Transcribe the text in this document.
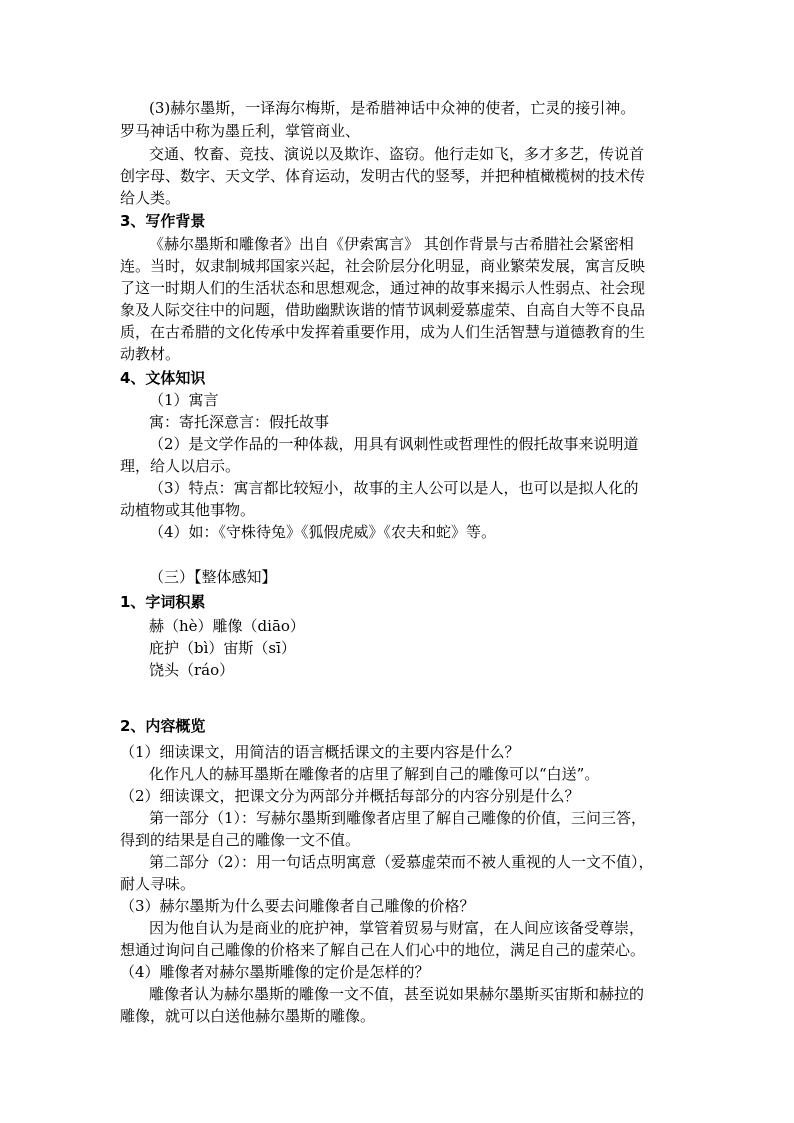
(3)赫尔墨斯，一译海尔梅斯，是希腊神话中众神的使者，亡灵的接引神。
罗马神话中称为墨丘利，掌管商业、
交通、牧畜、竞技、演说以及欺诈、盗窃。他行走如飞，多才多艺，传说首
创字母、数字、天文学、体育运动，发明古代的竖琴，并把种植橄榄树的技术传
给人类。
3、写作背景
《赫尔墨斯和雕像者》出自《伊索寓言》 其创作背景与古希腊社会紧密相
连。当时，奴隶制城邦国家兴起，社会阶层分化明显，商业繁荣发展，寓言反映
了这一时期人们的生活状态和思想观念，通过神的故事来揭示人性弱点、社会现
象及人际交往中的问题，借助幽默诙谐的情节讽刺爱慕虚荣、自高自大等不良品
质，在古希腊的文化传承中发挥着重要作用，成为人们生活智慧与道德教育的生
动教材。
4、文体知识
（1）寓言
寓：寄托深意言：假托故事
（2）是文学作品的一种体裁，用具有讽刺性或哲理性的假托故事来说明道
理，给人以启示。
（3）特点：寓言都比较短小，故事的主人公可以是人，也可以是拟人化的
动植物或其他事物。
（4）如：《守株待兔》《狐假虎威》《农夫和蛇》等。
（三）【整体感知】
1、字词积累
赫（hè）雕像（diāo）
庇护（bì）宙斯（sī）
饶头（ráo）
2、内容概览
（1）细读课文，用简洁的语言概括课文的主要内容是什么？
化作凡人的赫耳墨斯在雕像者的店里了解到自己的雕像可以“白送”。
（2）细读课文，把课文分为两部分并概括每部分的内容分别是什么？
第一部分（1）：写赫尔墨斯到雕像者店里了解自己雕像的价值，三问三答，
得到的结果是自己的雕像一文不值。
第二部分（2）：用一句话点明寓意（爱慕虚荣而不被人重视的人一文不值），
耐人寻味。
（3）赫尔墨斯为什么要去问雕像者自己雕像的价格？
因为他自认为是商业的庇护神，掌管着贸易与财富，在人间应该备受尊崇，
想通过询问自己雕像的价格来了解自己在人们心中的地位，满足自己的虚荣心。
（4）雕像者对赫尔墨斯雕像的定价是怎样的？
雕像者认为赫尔墨斯的雕像一文不值，甚至说如果赫尔墨斯买宙斯和赫拉的
雕像，就可以白送他赫尔墨斯的雕像。
